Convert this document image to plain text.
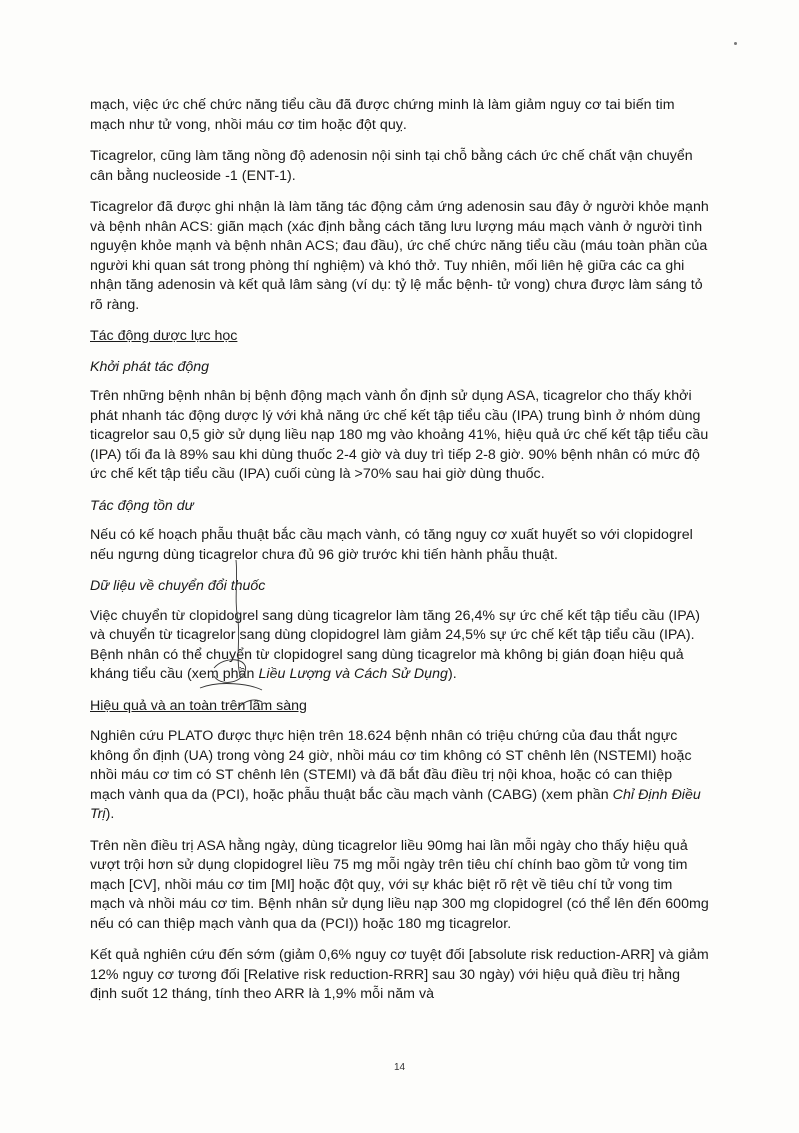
mạch, việc ức chế chức năng tiểu cầu đã được chứng minh là làm giảm nguy cơ tai biến tim mạch như tử vong, nhồi máu cơ tim hoặc đột quỵ.

Ticagrelor, cũng làm tăng nồng độ adenosin nội sinh tại chỗ bằng cách ức chế chất vận chuyển cân bằng nucleoside -1 (ENT-1).

Ticagrelor đã được ghi nhận là làm tăng tác động cảm ứng adenosin sau đây ở người khỏe mạnh và bệnh nhân ACS: giãn mạch (xác định bằng cách tăng lưu lượng máu mạch vành ở người tình nguyện khỏe mạnh và bệnh nhân ACS; đau đầu), ức chế chức năng tiểu cầu (máu toàn phần của người khi quan sát trong phòng thí nghiệm) và khó thở. Tuy nhiên, mối liên hệ giữa các ca ghi nhận tăng adenosin và kết quả lâm sàng (ví dụ: tỷ lệ mắc bệnh- tử vong) chưa được làm sáng tỏ rõ ràng.

Tác động dược lực học
Khởi phát tác động

Trên những bệnh nhân bị bệnh động mạch vành ổn định sử dụng ASA, ticagrelor cho thấy khởi phát nhanh tác động dược lý với khả năng ức chế kết tập tiểu cầu (IPA) trung bình ở nhóm dùng ticagrelor sau 0,5 giờ sử dụng liều nạp 180 mg vào khoảng 41%, hiệu quả ức chế kết tập tiểu cầu (IPA) tối đa là 89% sau khi dùng thuốc 2-4 giờ và duy trì tiếp 2-8 giờ. 90% bệnh nhân có mức độ ức chế kết tập tiểu cầu (IPA) cuối cùng là >70% sau hai giờ dùng thuốc.

Tác động tồn dư

Nếu có kế hoạch phẫu thuật bắc cầu mạch vành, có tăng nguy cơ xuất huyết so với clopidogrel nếu ngưng dùng ticagrelor chưa đủ 96 giờ trước khi tiến hành phẫu thuật.

Dữ liệu về chuyển đổi thuốc

Việc chuyển từ clopidogrel sang dùng ticagrelor làm tăng 26,4% sự ức chế kết tập tiểu cầu (IPA) và chuyển từ ticagrelor sang dùng clopidogrel làm giảm 24,5% sự ức chế kết tập tiểu cầu (IPA). Bệnh nhân có thể chuyển từ clopidogrel sang dùng ticagrelor mà không bị gián đoạn hiệu quả kháng tiểu cầu (xem phần Liều Lượng và Cách Sử Dụng).

Hiệu quả và an toàn trên lâm sàng

Nghiên cứu PLATO được thực hiện trên 18.624 bệnh nhân có triệu chứng của đau thắt ngực không ổn định (UA) trong vòng 24 giờ, nhồi máu cơ tim không có ST chênh lên (NSTEMI) hoặc nhồi máu cơ tim có ST chênh lên (STEMI) và đã bắt đầu điều trị nội khoa, hoặc có can thiệp mạch vành qua da (PCI), hoặc phẫu thuật bắc cầu mạch vành (CABG) (xem phần Chỉ Định Điều Trị).

Trên nền điều trị ASA hằng ngày, dùng ticagrelor liều 90mg hai lần mỗi ngày cho thấy hiệu quả vượt trội hơn sử dụng clopidogrel liều 75 mg mỗi ngày trên tiêu chí chính bao gồm tử vong tim mạch [CV], nhồi máu cơ tim [MI] hoặc đột quỵ, với sự khác biệt rõ rệt về tiêu chí tử vong tim mạch và nhồi máu cơ tim. Bệnh nhân sử dụng liều nạp 300 mg clopidogrel (có thể lên đến 600mg nếu có can thiệp mạch vành qua da (PCI)) hoặc 180 mg ticagrelor.

Kết quả nghiên cứu đến sớm (giảm 0,6% nguy cơ tuyệt đối [absolute risk reduction-ARR] và giảm 12% nguy cơ tương đối [Relative risk reduction-RRR] sau 30 ngày) với hiệu quả điều trị hằng định suốt 12 tháng, tính theo ARR là 1,9% mỗi năm và

14
